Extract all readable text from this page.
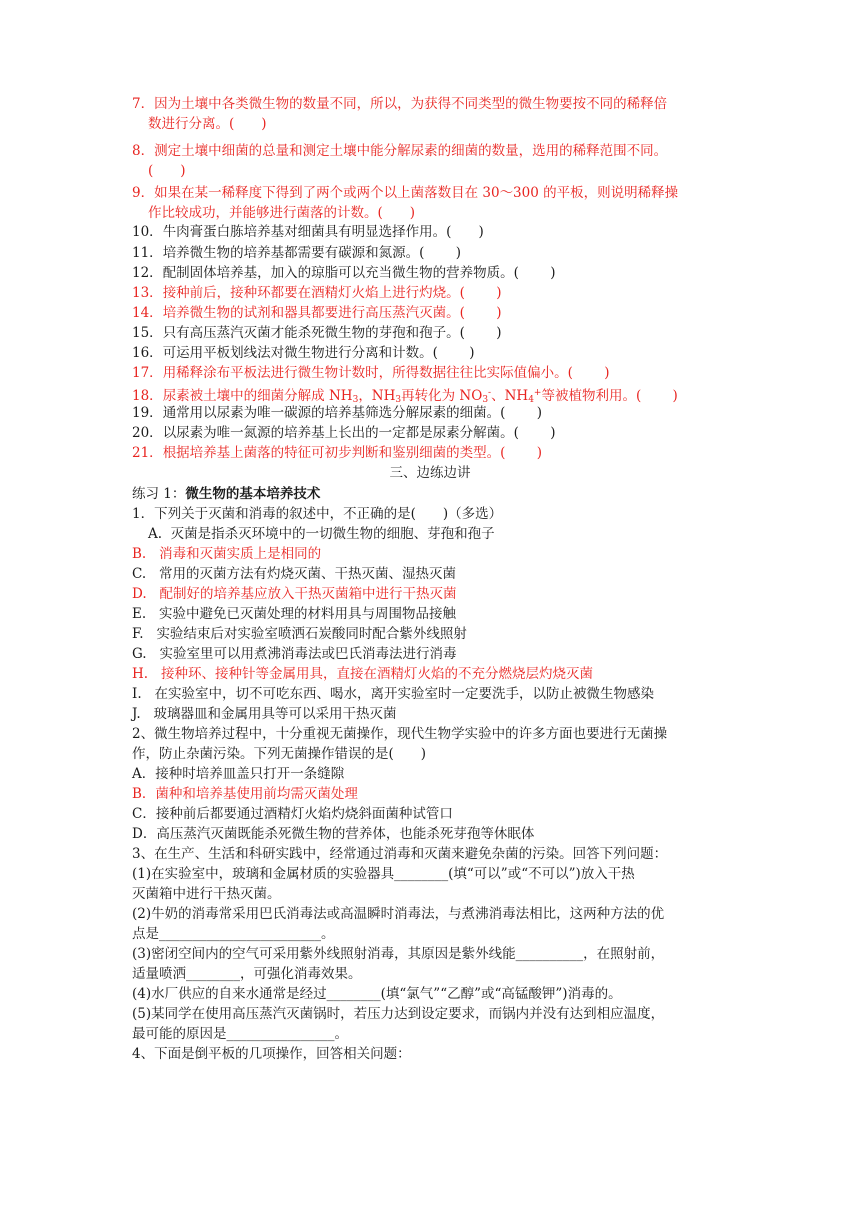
7．因为土壤中各类微生物的数量不同，所以，为获得不同类型的微生物要按不同的稀释倍
数进行分离。(　　)
8．测定土壤中细菌的总量和测定土壤中能分解尿素的细菌的数量，选用的稀释范围不同。
(　　)
9．如果在某一稀释度下得到了两个或两个以上菌落数目在 30～300 的平板，则说明稀释操
作比较成功，并能够进行菌落的计数。(　　)
10．牛肉膏蛋白胨培养基对细菌具有明显选择作用。(　　)
11．培养微生物的培养基都需要有碳源和氮源。(　　 )
12．配制固体培养基，加入的琼脂可以充当微生物的营养物质。(　　 )
13．接种前后，接种环都要在酒精灯火焰上进行灼烧。(　　 )
14．培养微生物的试剂和器具都要进行高压蒸汽灭菌。(　　 )
15．只有高压蒸汽灭菌才能杀死微生物的芽孢和孢子。(　　 )
16．可运用平板划线法对微生物进行分离和计数。(　　 )
17．用稀释涂布平板法进行微生物计数时，所得数据往往比实际值偏小。(　　 )
18．尿素被土壤中的细菌分解成 $NH_3$，$NH_3$再转化为 $NO_3^-$、$NH_4^+$等被植物利用。(　　 )
19．通常用以尿素为唯一碳源的培养基筛选分解尿素的细菌。(　　 )
20．以尿素为唯一氮源的培养基上长出的一定都是尿素分解菌。(　　 )
21．根据培养基上菌落的特征可初步判断和鉴别细菌的类型。(　　 )
三、边练边讲
练习 1：微生物的基本培养技术
1．下列关于灭菌和消毒的叙述中，不正确的是(　　)（多选）
A. 灭菌是指杀灭环境中的一切微生物的细胞、芽孢和孢子
B. 消毒和灭菌实质上是相同的
C. 常用的灭菌方法有灼烧灭菌、干热灭菌、湿热灭菌
D. 配制好的培养基应放入干热灭菌箱中进行干热灭菌
E. 实验中避免已灭菌处理的材料用具与周围物品接触
F. 实验结束后对实验室喷洒石炭酸同时配合紫外线照射
G. 实验室里可以用煮沸消毒法或巴氏消毒法进行消毒
H. 接种环、接种针等金属用具，直接在酒精灯火焰的不充分燃烧层灼烧灭菌
I. 在实验室中，切不可吃东西、喝水，离开实验室时一定要洗手，以防止被微生物感染
J. 玻璃器皿和金属用具等可以采用干热灭菌
2、微生物培养过程中，十分重视无菌操作，现代生物学实验中的许多方面也要进行无菌操
作，防止杂菌污染。下列无菌操作错误的是(　　)
A．接种时培养皿盖只打开一条缝隙
B．菌种和培养基使用前均需灭菌处理
C．接种前后都要通过酒精灯火焰灼烧斜面菌种试管口
D．高压蒸汽灭菌既能杀死微生物的营养体，也能杀死芽孢等休眠体
3、在生产、生活和科研实践中，经常通过消毒和灭菌来避免杂菌的污染。回答下列问题：
(1)在实验室中，玻璃和金属材质的实验器具________(填“可以”或“不可以”)放入干热
灭菌箱中进行干热灭菌。
(2)牛奶的消毒常采用巴氏消毒法或高温瞬时消毒法，与煮沸消毒法相比，这两种方法的优
点是________________________。
(3)密闭空间内的空气可采用紫外线照射消毒，其原因是紫外线能__________，在照射前，
适量喷洒________，可强化消毒效果。
(4)水厂供应的自来水通常是经过________(填“氯气”“乙醇”或“高锰酸钾”)消毒的。
(5)某同学在使用高压蒸汽灭菌锅时，若压力达到设定要求，而锅内并没有达到相应温度，
最可能的原因是________________。
4、下面是倒平板的几项操作，回答相关问题：
